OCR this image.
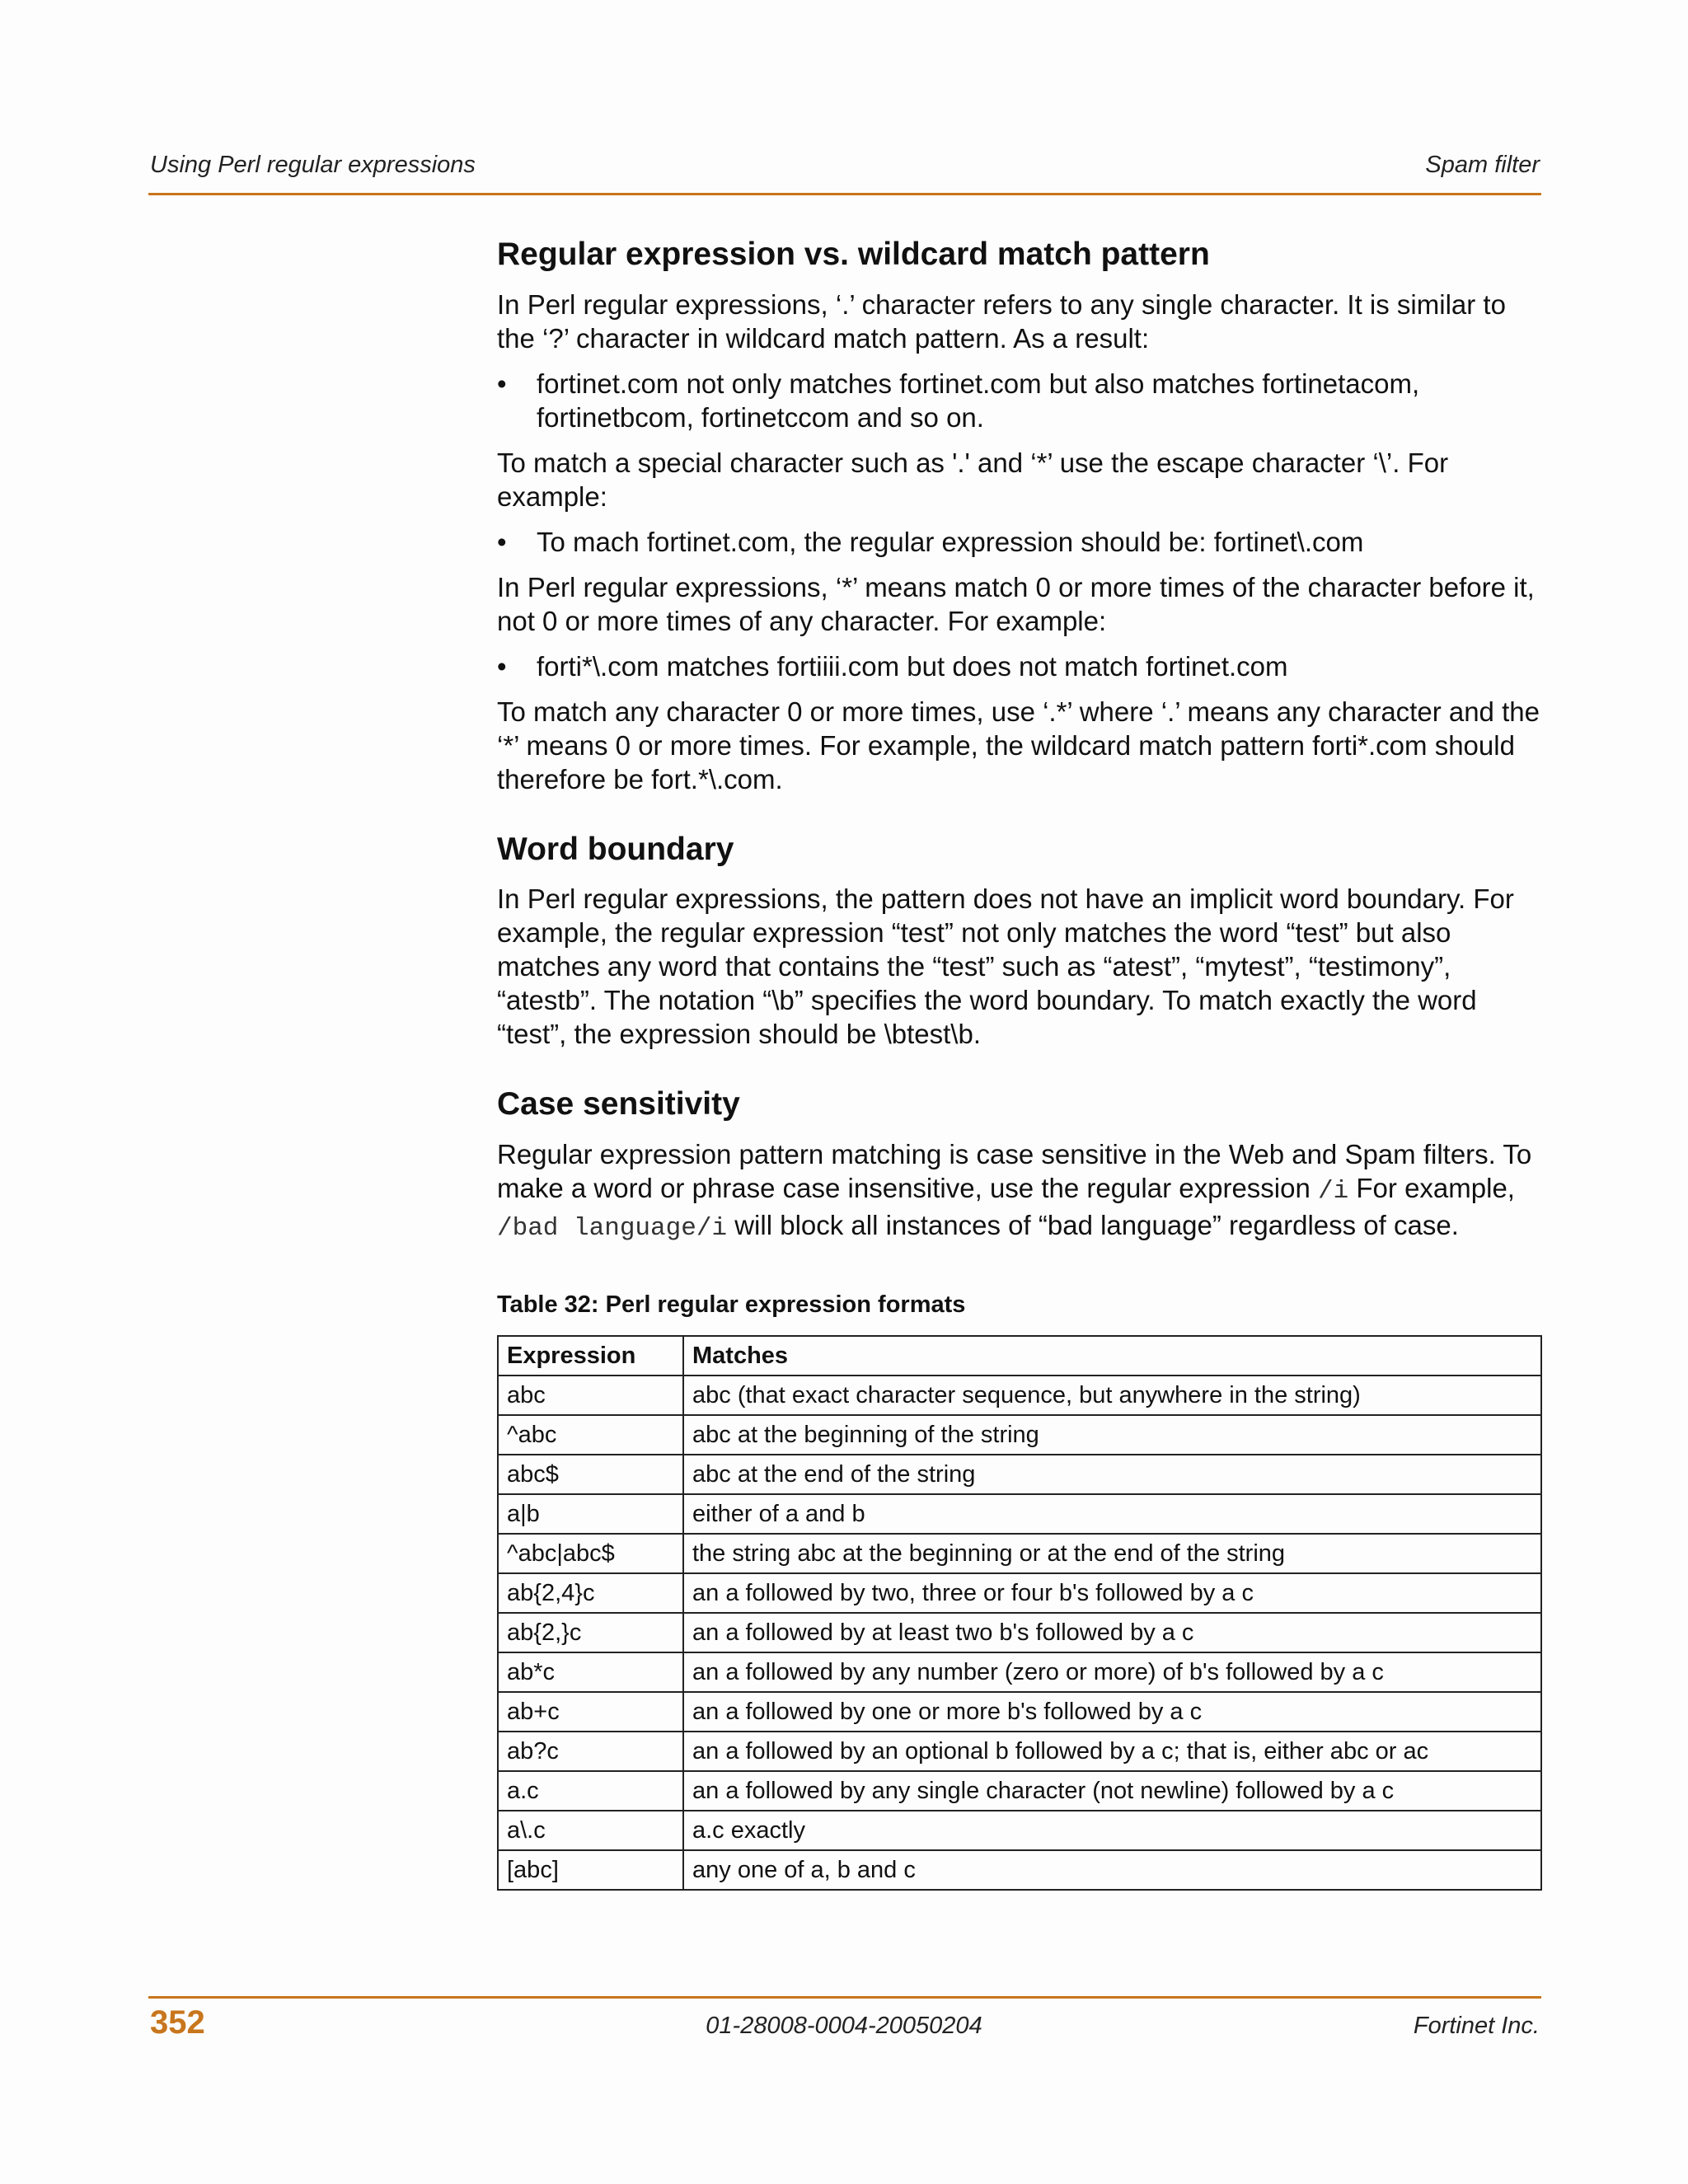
Using Perl regular expressions	Spam filter
Regular expression vs. wildcard match pattern

In Perl regular expressions, ‘.’ character refers to any single character. It is similar to the ‘?’ character in wildcard match pattern. As a result:

• fortinet.com not only matches fortinet.com but also matches fortinetacom, fortinetbcom, fortinetccom and so on.

To match a special character such as '.' and ‘*’ use the escape character ‘\’. For example:

• To mach fortinet.com, the regular expression should be: fortinet\.com

In Perl regular expressions, ‘*’ means match 0 or more times of the character before it, not 0 or more times of any character. For example:

• forti*\.com matches fortiiii.com but does not match fortinet.com

To match any character 0 or more times, use ‘.*’ where ‘.’ means any character and the ‘*’ means 0 or more times. For example, the wildcard match pattern forti*.com should therefore be fort.*\.com.

Word boundary

In Perl regular expressions, the pattern does not have an implicit word boundary. For example, the regular expression “test” not only matches the word “test” but also matches any word that contains the “test” such as “atest”, “mytest”, “testimony”, “atestb”. The notation “\b” specifies the word boundary. To match exactly the word “test”, the expression should be \btest\b.

Case sensitivity

Regular expression pattern matching is case sensitive in the Web and Spam filters. To make a word or phrase case insensitive, use the regular expression /i For example, /bad language/i will block all instances of “bad language” regardless of case.

Table 32: Perl regular expression formats
Expression	Matches
abc	abc (that exact character sequence, but anywhere in the string)
^abc	abc at the beginning of the string
abc$	abc at the end of the string
a|b	either of a and b
^abc|abc$	the string abc at the beginning or at the end of the string
ab{2,4}c	an a followed by two, three or four b's followed by a c
ab{2,}c	an a followed by at least two b's followed by a c
ab*c	an a followed by any number (zero or more) of b's followed by a c
ab+c	an a followed by one or more b's followed by a c
ab?c	an a followed by an optional b followed by a c; that is, either abc or ac
a.c	an a followed by any single character (not newline) followed by a c
a\.c	a.c exactly
[abc]	any one of a, b and c
352	01-28008-0004-20050204	Fortinet Inc.
